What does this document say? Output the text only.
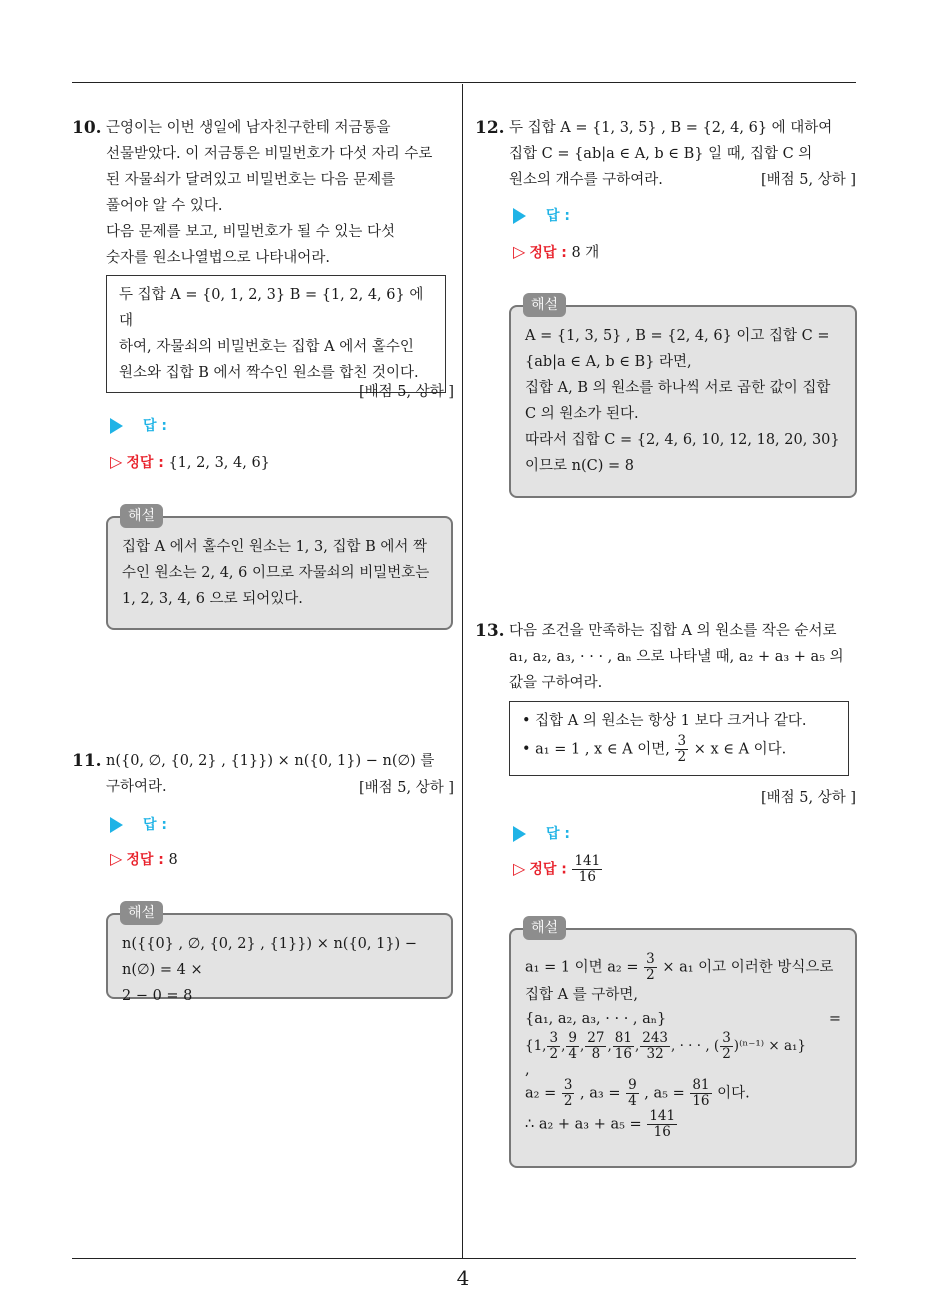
4
10. 근영이는 이번 생일에 남자친구한테 저금통을

선물받았다. 이 저금통은 비밀번호가 다섯 자리 수로

된 자물쇠가 달려있고 비밀번호는 다음 문제를

풀어야 알 수 있다.

다음 문제를 보고, 비밀번호가 될 수 있는 다섯

숫자를 원소나열법으로 나타내어라.

두 집합 A = {0, 1, 2, 3} B = {1, 2, 4, 6} 에 대
하여, 자물쇠의 비밀번호는 집합 A 에서 홀수인
원소와 집합 B 에서 짝수인 원소를 합친 것이다.
[배점 5, 상하 ]
답 :
▷ 정답 : {1, 2, 3, 4, 6}
해설

집합 A 에서 홀수인 원소는 1, 3, 집합 B 에서 짝

수인 원소는 2, 4, 6 이므로 자물쇠의 비밀번호는

1, 2, 3, 4, 6 으로 되어있다.

11. n({0, ∅, {0, 2} , {1}}) × n({0, 1}) − n(∅) 를

구하여라.	[배점 5, 상하 ]
답 :
▷ 정답 : 8
해설

n({{0} , ∅, {0, 2} , {1}}) × n({0, 1}) − n(∅) = 4 ×

2 − 0 = 8

12. 두 집합 A = {1, 3, 5} , B = {2, 4, 6} 에 대하여

집합 C = {ab|a ∈ A, b ∈ B} 일 때, 집합 C 의

원소의 개수를 구하여라.	[배점 5, 상하 ]
답 :
▷ 정답 : 8 개
해설

A = {1, 3, 5} , B = {2, 4, 6} 이고 집합 C =

{ab|a ∈ A, b ∈ B} 라면,

집합 A, B 의 원소를 하나씩 서로 곱한 값이 집합

C 의 원소가 된다.

따라서 집합 C = {2, 4, 6, 10, 12, 18, 20, 30}

이므로 n(C) = 8

13. 다음 조건을 만족하는 집합 A 의 원소를 작은 순서로

a₁, a₂, a₃, · · · , aₙ 으로 나타낼 때, a₂ + a₃ + a₅ 의

값을 구하여라.

• 집합 A 의 원소는 항상 1 보다 크거나 같다.
• a₁ = 1 , x ∈ A 이면, $\frac{3}{2} \times x$ ∈ A 이다.
[배점 5, 상하 ]
답 :
▷ 정답 : $\frac{141}{16}$
해설

a₁ = 1 이면 $a_2 = \frac{3}{2} \times a_1$ 이고 이러한 방식으로

집합 A 를 구하면,

{a₁, a₂, a₃, · · · , aₙ}	=

{1, $\frac{3}{2}$ , $\frac{9}{4}$ , $\frac{27}{8}$ , $\frac{81}{16}$ , $\frac{243}{32}$ , · · · , ( $\frac{3}{2} )^{(n-1)} \times a_1$}

,

$a_2 = \frac{3}{2}$ , $a_3 = \frac{9}{4}$ , $a_5 = \frac{81}{16}$ 이다.

∴ $a_2 + a_3 + a_5 = \frac{141}{16}$
